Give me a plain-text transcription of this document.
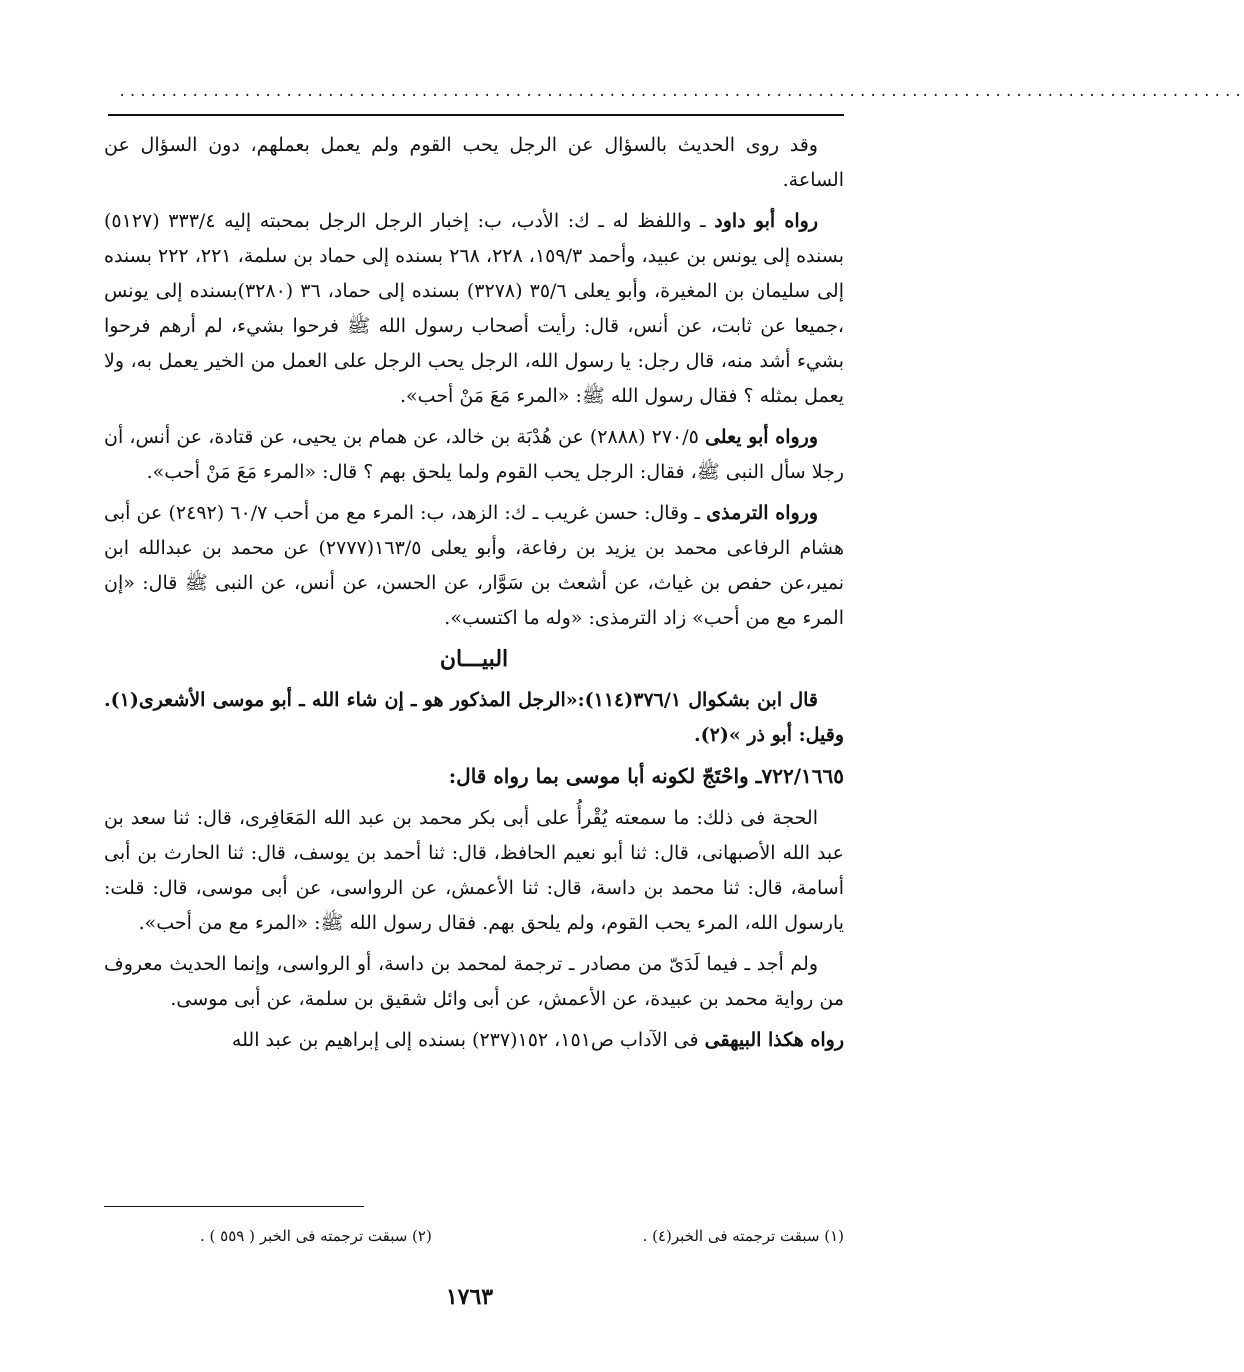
............................................................................................................

وقد روى الحديث بالسؤال عن الرجل يحب القوم ولم يعمل بعملهم، دون السؤال عن الساعة.

رواه أبو داود ـ واللفظ له ـ ك: الأدب، ب: إخبار الرجل الرجل بمحبته إليه ٣٣٣/٤ (٥١٢٧) بسنده إلى يونس بن عبيد، وأحمد ١٥٩/٣، ٢٢٨، ٢٦٨ بسنده إلى حماد بن سلمة، ٢٢١، ٢٢٢ بسنده إلى سليمان بن المغيرة، وأبو يعلى ٣٥/٦ (٣٢٧٨) بسنده إلى حماد، ٣٦ (٣٢٨٠)بسنده إلى يونس ،جميعا عن ثابت، عن أنس، قال: رأيت أصحاب رسول الله ﷺ فرحوا بشيء، لم أرهم فرحوا بشيء أشد منه، قال رجل: يا رسول الله، الرجل يحب الرجل على العمل من الخير يعمل به، ولا يعمل بمثله ؟ فقال رسول الله ﷺ: «المرء مَعَ مَنْ أحب».

ورواه أبو يعلى ٢٧٠/٥ (٢٨٨٨) عن هُدْبَة بن خالد، عن همام بن يحيى، عن قتادة، عن أنس، أن رجلا سأل النبى ﷺ، فقال: الرجل يحب القوم ولما يلحق بهم ؟ قال: «المرء مَعَ مَنْ أحب».

ورواه الترمذى ـ وقال: حسن غريب ـ ك: الزهد، ب: المرء مع من أحب ٦٠/٧ (٢٤٩٢) عن أبى هشام الرفاعى محمد بن يزيد بن رفاعة، وأبو يعلى ١٦٣/٥(٢٧٧٧) عن محمد بن عبدالله ابن نمير،عن حفص بن غياث، عن أشعث بن سَوَّار، عن الحسن، عن أنس، عن النبى ﷺ قال: «إن المرء مع من أحب» زاد الترمذى: «وله ما اكتسب».

البيـــان

قال ابن بشكوال ٣٧٦/١(١١٤):«الرجل المذكور هو ـ إن شاء الله ـ أبو موسى الأشعرى(١). وقيل: أبو ذر »(٢).

٧٢٢/١٦٦٥ـ واحْتَجّ لكونه أبا موسى بما رواه قال:

الحجة فى ذلك: ما سمعته يُقْرأُ على أبى بكر محمد بن عبد الله المَعَافِرى، قال: ثنا سعد بن عبد الله الأصبهانى، قال: ثنا أبو نعيم الحافظ، قال: ثنا أحمد بن يوسف، قال: ثنا الحارث بن أبى أسامة، قال: ثنا محمد بن داسة، قال: ثنا الأعمش، عن الرواسى، عن أبى موسى، قال: قلت: يارسول الله، المرء يحب القوم، ولم يلحق بهم. فقال رسول الله ﷺ: «المرء مع من أحب».

ولم أجد ـ فيما لَدَىّ من مصادر ـ ترجمة لمحمد بن داسة، أو الرواسى، وإنما الحديث معروف من رواية محمد بن عبيدة، عن الأعمش، عن أبى وائل شقيق بن سلمة، عن أبى موسى.

رواه هكذا البيهقى فى الآداب ص١٥١، ١٥٢(٢٣٧) بسنده إلى إبراهيم بن عبد الله

(١) سبقت ترجمته فى الخبر(٤) .
(٢) سبقت ترجمته فى الخبر ( ٥٥٩ ) .
١٧٦٣
